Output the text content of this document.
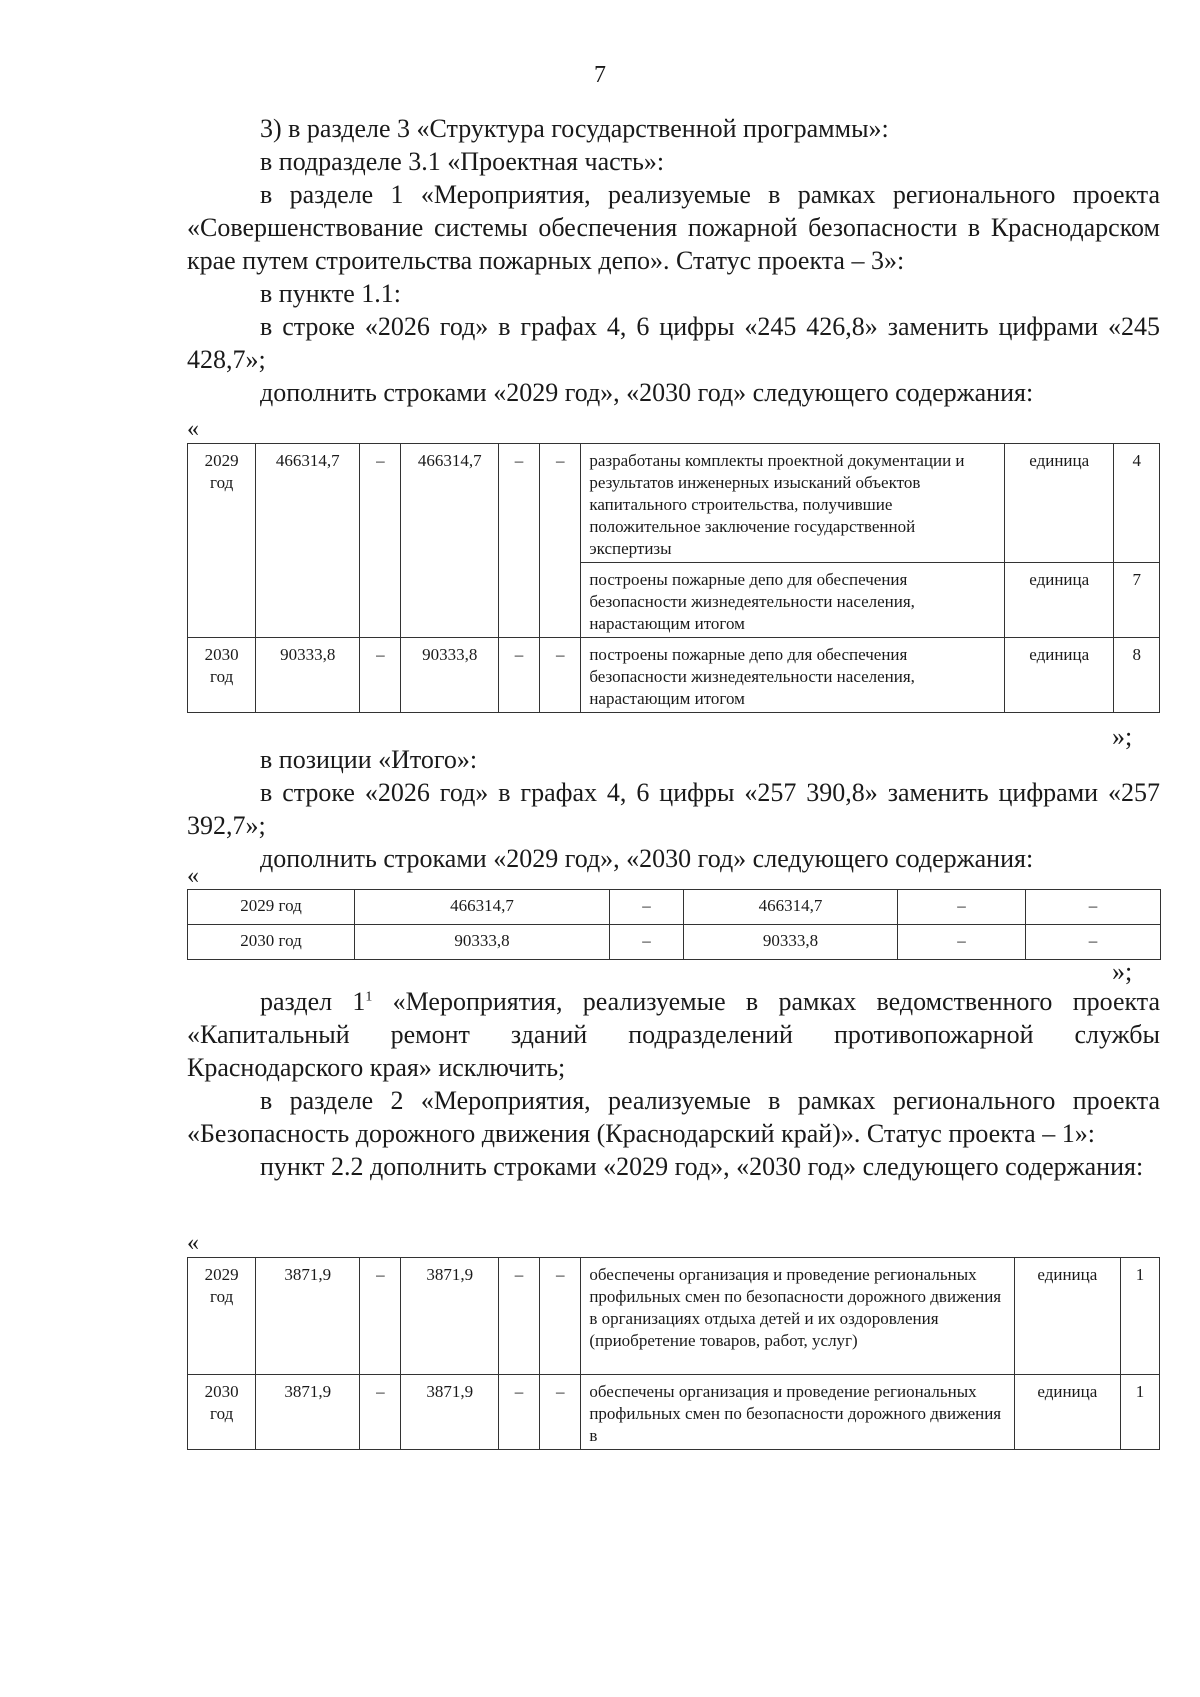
7

3) в разделе 3 «Структура государственной программы»:

в подразделе 3.1 «Проектная часть»:

в разделе 1 «Мероприятия, реализуемые в рамках регионального проекта «Совершенствование системы обеспечения пожарной безопасности в Краснодарском крае путем строительства пожарных депо». Статус проекта – 3»:

в пункте 1.1:

в строке «2026 год» в графах 4, 6 цифры «245 426,8» заменить цифрами «245 428,7»;

дополнить строками «2029 год», «2030 год» следующего содержания:

«
2029 год	466314,7	–	466314,7	–	–	разработаны комплекты проектной документации и результатов инженерных изысканий объектов капитального строительства, получившие положительное заключение государственной экспертизы	единица	4
						построены пожарные депо для обеспечения безопасности жизнедеятельности населения, нарастающим итогом	единица	7
2030 год	90333,8	–	90333,8	–	–	построены пожарные депо для обеспечения безопасности жизнедеятельности населения, нарастающим итогом	единица	8
»;

в позиции «Итого»:

в строке «2026 год» в графах 4, 6 цифры «257 390,8» заменить цифрами «257 392,7»;

дополнить строками «2029 год», «2030 год» следующего содержания:

«
2029 год	466314,7	–	466314,7	–	–
2030 год	90333,8	–	90333,8	–	–
»;

раздел $1^1$ «Мероприятия, реализуемые в рамках ведомственного проекта «Капитальный ремонт зданий подразделений противопожарной службы Краснодарского края» исключить;

в разделе 2 «Мероприятия, реализуемые в рамках регионального проекта «Безопасность дорожного движения (Краснодарский край)». Статус проекта – 1»:

пункт 2.2 дополнить строками «2029 год», «2030 год» следующего содержания:

«
2029 год	3871,9	–	3871,9	–	–	обеспечены организация и проведение региональных профильных смен по безопасности дорожного движения в организациях отдыха детей и их оздоровления (приобретение товаров, работ, услуг)	единица	1
2030 год	3871,9	–	3871,9	–	–	обеспечены организация и проведение региональных профильных смен по безопасности дорожного движения в	единица	1
